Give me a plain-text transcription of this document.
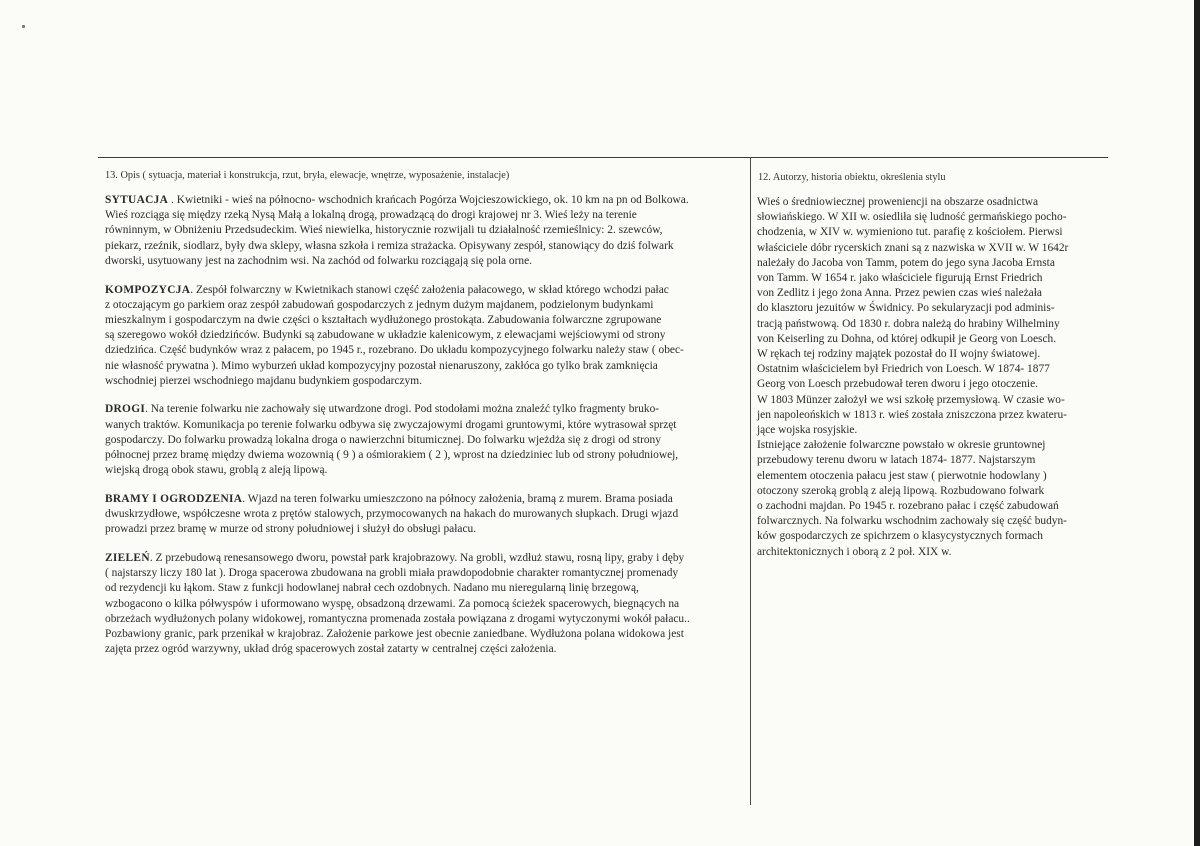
13. Opis ( sytuacja, materiał i konstrukcja, rzut, bryła, elewacje, wnętrze, wyposażenie, instalacje)	12. Autorzy, historia obiektu, określenia stylu

SYTUACJA . Kwietniki - wieś na północno- wschodnich krańcach Pogórza Wojcieszowickiego, ok. 10 km na pn od Bolkowa.
Wieś rozciąga się między rzeką Nysą Małą a lokalną drogą, prowadzącą do drogi krajowej nr 3. Wieś leży na terenie
równinnym, w Obniżeniu Przedsudeckim. Wieś niewielka, historycznie rozwijali tu działalność rzemieślnicy: 2. szewców,
piekarz, rzeźnik, siodlarz, były dwa sklepy, własna szkoła i remiza strażacka. Opisywany zespół, stanowiący do dziś folwark
dworski, usytuowany jest na zachodnim wsi. Na zachód od folwarku rozciągają się pola orne.

KOMPOZYCJA. Zespół folwarczny w Kwietnikach stanowi część założenia pałacowego, w skład którego wchodzi pałac
z otoczającym go parkiem oraz zespół zabudowań gospodarczych z jednym dużym majdanem, podzielonym budynkami
mieszkalnym i gospodarczym na dwie części o kształtach wydłużonego prostokąta. Zabudowania folwarczne zgrupowane
są szeregowo wokół dziedzińców. Budynki są zabudowane w układzie kalenicowym, z elewacjami wejściowymi od strony
dziedzińca. Część budynków wraz z pałacem, po 1945 r., rozebrano. Do układu kompozycyjnego folwarku należy staw ( obec-
nie własność prywatna ). Mimo wyburzeń układ kompozycyjny pozostał nienaruszony, zakłóca go tylko brak zamknięcia
wschodniej pierzei wschodniego majdanu budynkiem gospodarczym.

DROGI. Na terenie folwarku nie zachowały się utwardzone drogi. Pod stodołami można znaleźć tylko fragmenty bruko-
wanych traktów. Komunikacja po terenie folwarku odbywa się zwyczajowymi drogami gruntowymi, które wytrasował sprzęt
gospodarczy. Do folwarku prowadzą lokalna droga o nawierzchni bitumicznej. Do folwarku wjeżdża się z drogi od strony
północnej przez bramę między dwiema wozownią ( 9 ) a ośmiorakiem ( 2 ), wprost na dziedziniec lub od strony południowej,
wiejską drogą obok stawu, groblą z aleją lipową.

BRAMY I OGRODZENIA. Wjazd na teren folwarku umieszczono na północy założenia, bramą z murem. Brama posiada
dwuskrzydłowe, współczesne wrota z prętów stalowych, przymocowanych na hakach do murowanych słupkach. Drugi wjazd
prowadzi przez bramę w murze od strony południowej i służył do obsługi pałacu.

ZIELEŃ. Z przebudową renesansowego dworu, powstał park krajobrazowy. Na grobli, wzdłuż stawu, rosną lipy, graby i dęby
( najstarszy liczy 180 lat ). Droga spacerowa zbudowana na grobli miała prawdopodobnie charakter romantycznej promenady
od rezydencji ku łąkom. Staw z funkcji hodowlanej nabrał cech ozdobnych. Nadano mu nieregularną linię brzegową,
wzbogacono o kilka półwyspów i uformowano wyspę, obsadzoną drzewami. Za pomocą ścieżek spacerowych, biegnących na
obrzeżach wydłużonych polany widokowej, romantyczna promenada została powiązana z drogami wytyczonymi wokół pałacu..
Pozbawiony granic, park przenikał w krajobraz. Założenie parkowe jest obecnie zaniedbane. Wydłużona polana widokowa jest
zajęta przez ogród warzywny, układ dróg spacerowych został zatarty w centralnej części założenia.

Wieś o średniowiecznej proweniencji na obszarze osadnictwa
słowiańskiego. W XII w. osiedliła się ludność germańskiego pocho-
chodzenia, w XIV w. wymieniono tut. parafię z kościołem. Pierwsi
właściciele dóbr rycerskich znani są z nazwiska w XVII w. W 1642r
należały do Jacoba von Tamm, potem do jego syna Jacoba Ernsta
von Tamm. W 1654 r. jako właściciele figurują Ernst Friedrich
von Zedlitz i jego żona Anna. Przez pewien czas wieś należała
do klasztoru jezuitów w Świdnicy. Po sekularyzacji pod adminis-
tracją państwową. Od 1830 r. dobra należą do hrabiny Wilhelminy
von Keiserling zu Dohna, od której odkupił je Georg von Loesch.
W rękach tej rodziny majątek pozostał do II wojny światowej.
Ostatnim właścicielem był Friedrich von Loesch. W 1874- 1877
Georg von Loesch przebudował teren dworu i jego otoczenie.
W 1803 Münzer założył we wsi szkołę przemysłową. W czasie wo-
jen napoleońskich w 1813 r. wieś została zniszczona przez kwateru-
jące wojska rosyjskie.
Istniejące założenie folwarczne powstało w okresie gruntownej
przebudowy terenu dworu w latach 1874- 1877. Najstarszym
elementem otoczenia pałacu jest staw ( pierwotnie hodowlany )
otoczony szeroką groblą z aleją lipową. Rozbudowano folwark
o zachodni majdan. Po 1945 r. rozebrano pałac i część zabudowań
folwarcznych. Na folwarku wschodnim zachowały się część budyn-
ków gospodarczych ze spichrzem o klasycystycznych formach
architektonicznych i oborą z 2 poł. XIX w.
